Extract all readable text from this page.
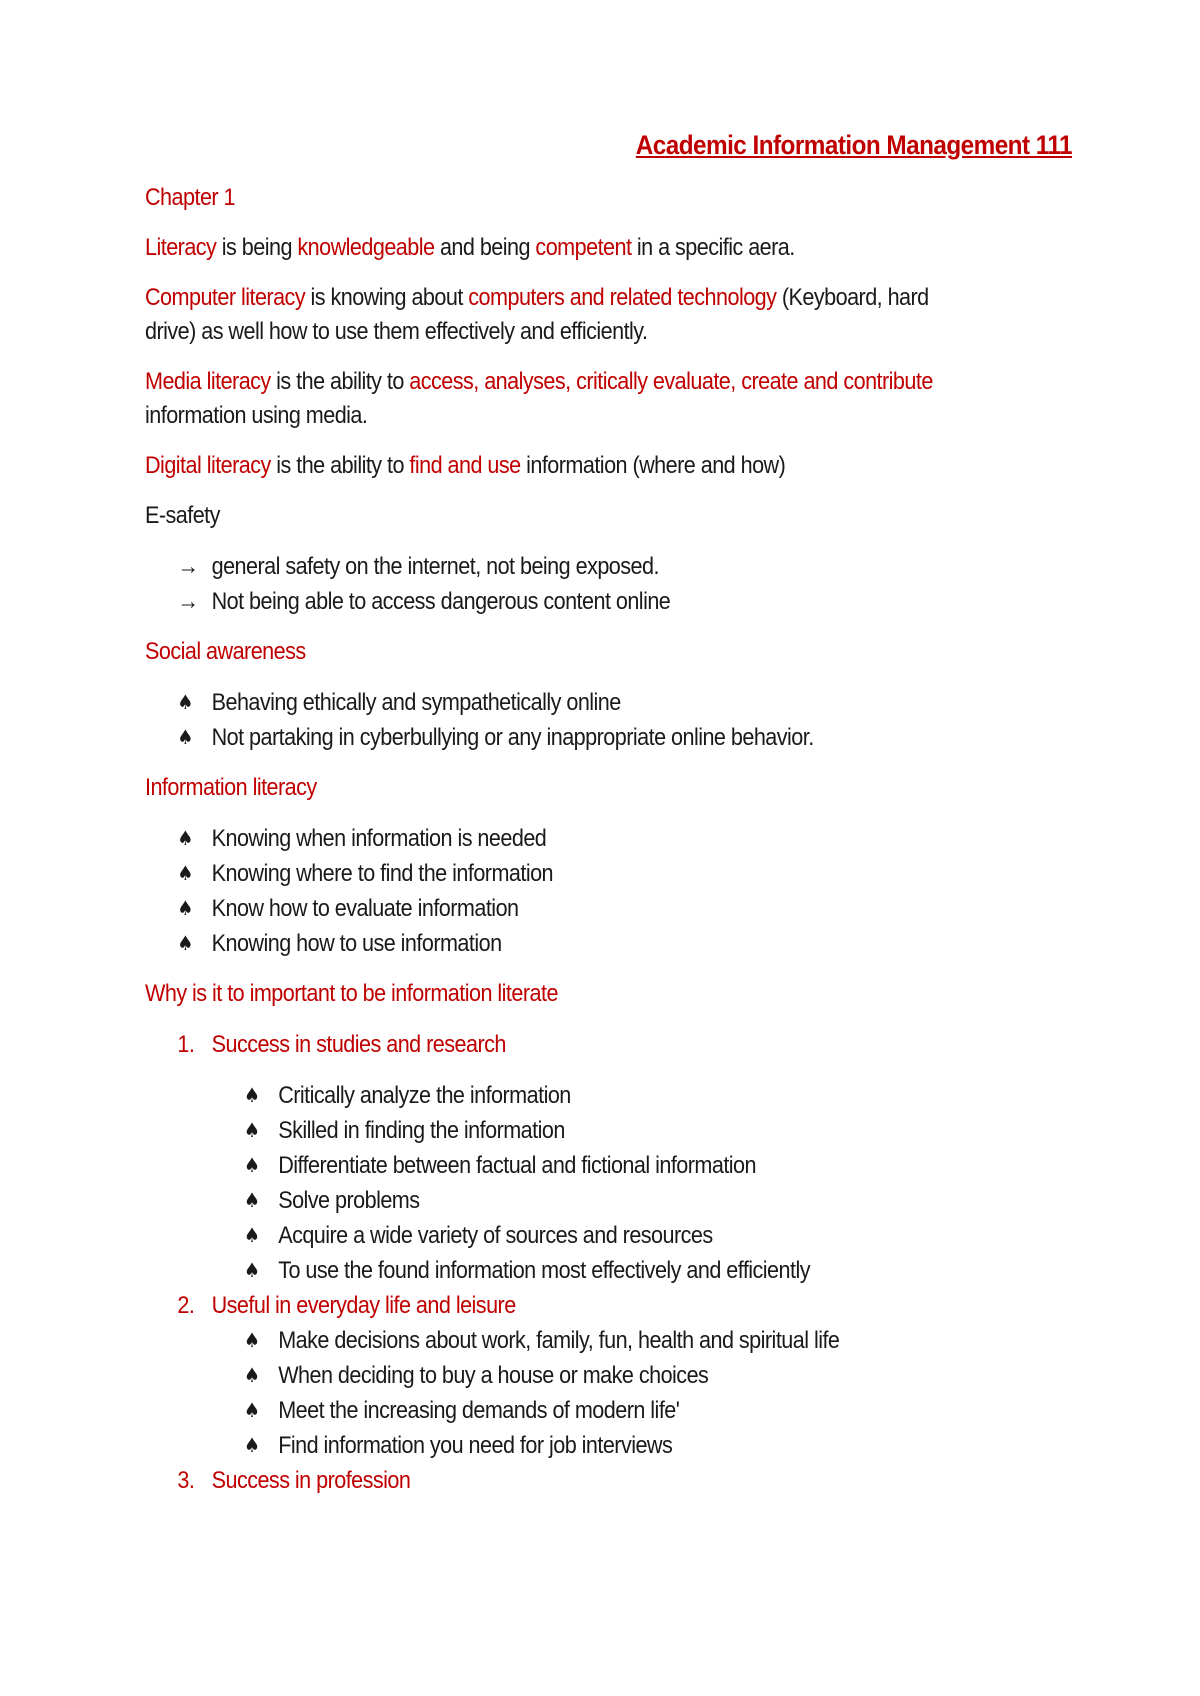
Academic Information Management 111

Chapter 1

Literacy is being knowledgeable and being competent in a specific aera.

Computer literacy is knowing about computers and related technology (Keyboard, hard drive) as well how to use them effectively and efficiently.

Media literacy is the ability to access, analyses, critically evaluate, create and contribute information using media.

Digital literacy is the ability to find and use information (where and how)

E-safety

→ general safety on the internet, not being exposed.
→ Not being able to access dangerous content online

Social awareness

♠ Behaving ethically and sympathetically online
♠ Not partaking in cyberbullying or any inappropriate online behavior.

Information literacy

♠ Knowing when information is needed
♠ Knowing where to find the information
♠ Know how to evaluate information
♠ Knowing how to use information

Why is it to important to be information literate

1. Success in studies and research
♠ Critically analyze the information
♠ Skilled in finding the information
♠ Differentiate between factual and fictional information
♠ Solve problems
♠ Acquire a wide variety of sources and resources
♠ To use the found information most effectively and efficiently
2. Useful in everyday life and leisure
♠ Make decisions about work, family, fun, health and spiritual life
♠ When deciding to buy a house or make choices
♠ Meet the increasing demands of modern life'
♠ Find information you need for job interviews
3. Success in profession
